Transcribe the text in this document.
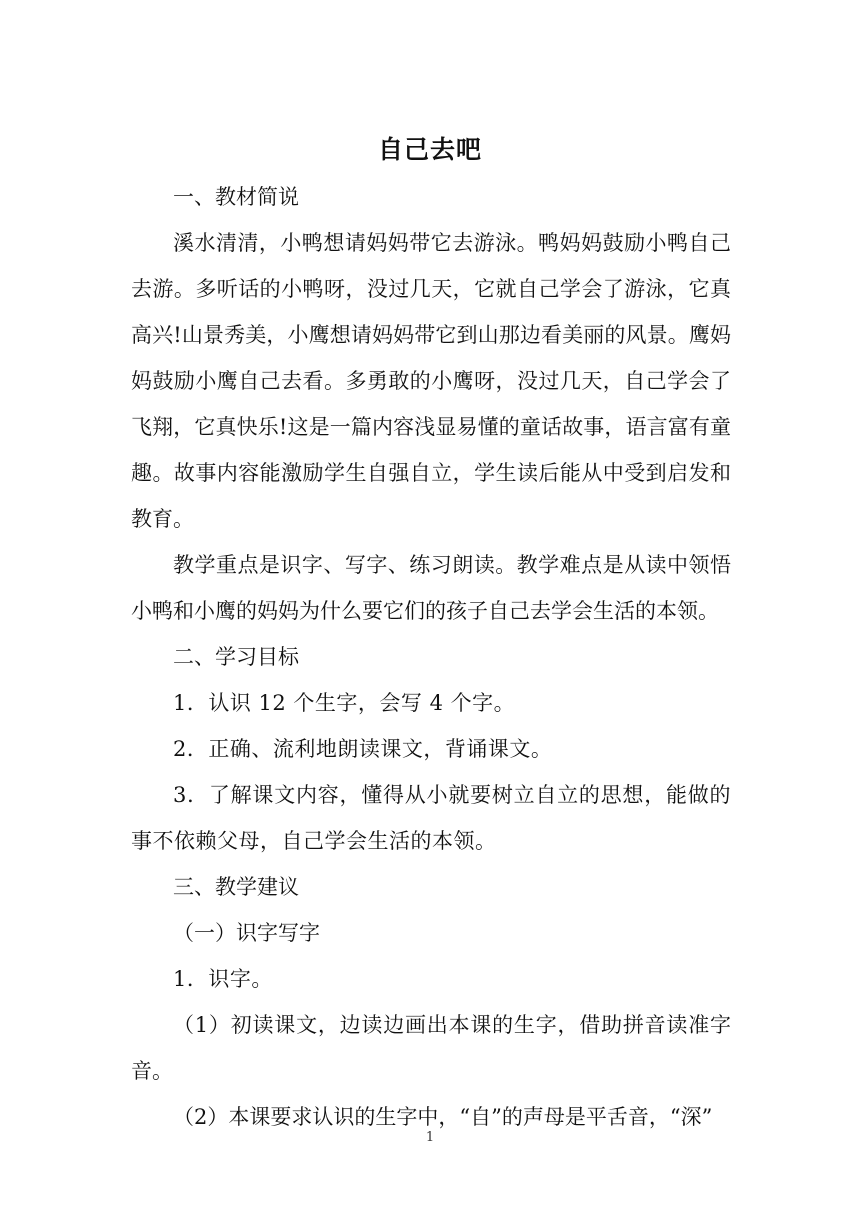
自己去吧

一、教材简说

溪水清清，小鸭想请妈妈带它去游泳。鸭妈妈鼓励小鸭自己去游。多听话的小鸭呀，没过几天，它就自己学会了游泳，它真高兴!山景秀美，小鹰想请妈妈带它到山那边看美丽的风景。鹰妈妈鼓励小鹰自己去看。多勇敢的小鹰呀，没过几天，自己学会了飞翔，它真快乐!这是一篇内容浅显易懂的童话故事，语言富有童趣。故事内容能激励学生自强自立，学生读后能从中受到启发和教育。

教学重点是识字、写字、练习朗读。教学难点是从读中领悟小鸭和小鹰的妈妈为什么要它们的孩子自己去学会生活的本领。

二、学习目标

1．认识 12 个生字，会写 4 个字。

2．正确、流利地朗读课文，背诵课文。

3．了解课文内容，懂得从小就要树立自立的思想，能做的事不依赖父母，自己学会生活的本领。

三、教学建议

（一）识字写字

1．识字。

（1）初读课文，边读边画出本课的生字，借助拼音读准字音。

（2）本课要求认识的生字中，“自”的声母是平舌音，“深”

1
